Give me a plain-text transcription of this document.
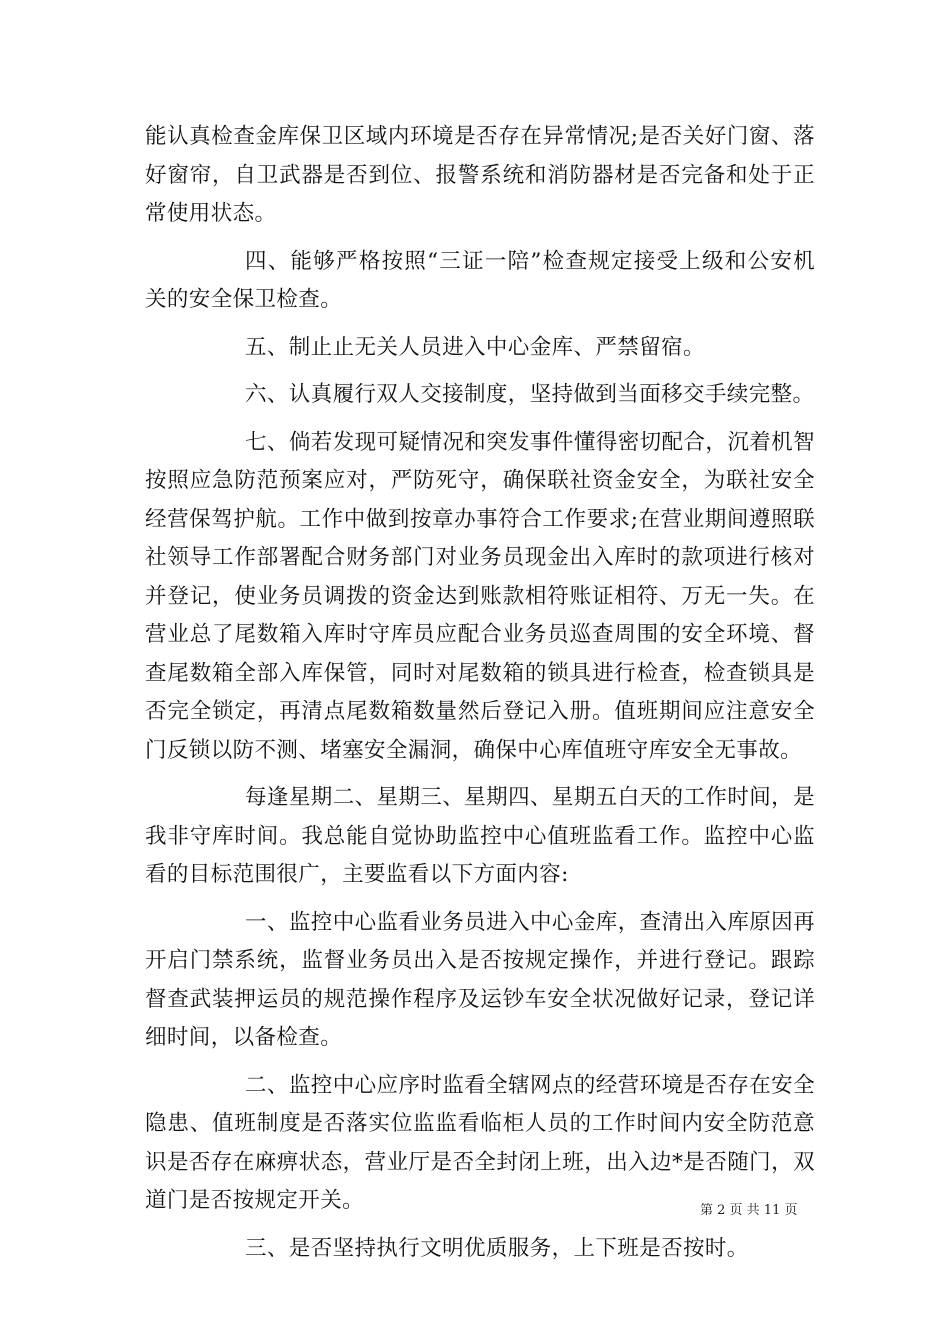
能认真检查金库保卫区域内环境是否存在异常情况;是否关好门窗、落好窗帘，自卫武器是否到位、报警系统和消防器材是否完备和处于正常使用状态。

四、能够严格按照“三证一陪”检查规定接受上级和公安机关的安全保卫检查。

五、制止止无关人员进入中心金库、严禁留宿。

六、认真履行双人交接制度，坚持做到当面移交手续完整。

七、倘若发现可疑情况和突发事件懂得密切配合，沉着机智按照应急防范预案应对，严防死守，确保联社资金安全，为联社安全经营保驾护航。工作中做到按章办事符合工作要求;在营业期间遵照联社领导工作部署配合财务部门对业务员现金出入库时的款项进行核对并登记，使业务员调拨的资金达到账款相符账证相符、万无一失。在营业总了尾数箱入库时守库员应配合业务员巡查周围的安全环境、督查尾数箱全部入库保管，同时对尾数箱的锁具进行检查，检查锁具是否完全锁定，再清点尾数箱数量然后登记入册。值班期间应注意安全门反锁以防不测、堵塞安全漏洞，确保中心库值班守库安全无事故。

每逢星期二、星期三、星期四、星期五白天的工作时间，是我非守库时间。我总能自觉协助监控中心值班监看工作。监控中心监看的目标范围很广，主要监看以下方面内容:

一、监控中心监看业务员进入中心金库，查清出入库原因再开启门禁系统，监督业务员出入是否按规定操作，并进行登记。跟踪督查武装押运员的规范操作程序及运钞车安全状况做好记录，登记详细时间，以备检查。

二、监控中心应序时监看全辖网点的经营环境是否存在安全隐患、值班制度是否落实位监监看临柜人员的工作时间内安全防范意识是否存在麻痹状态，营业厅是否全封闭上班，出入边*是否随门，双道门是否按规定开关。

三、是否坚持执行文明优质服务，上下班是否按时。

第 2 页 共 11 页
